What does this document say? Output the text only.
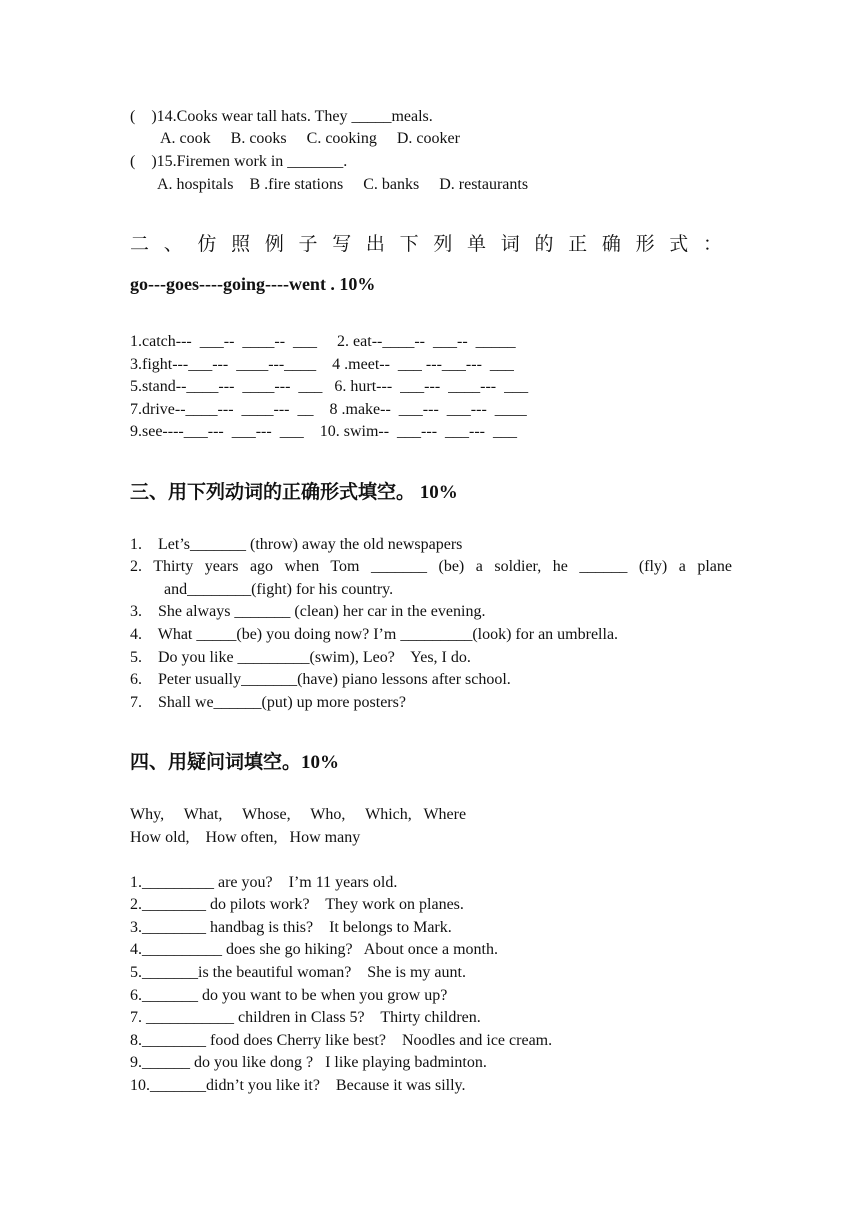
(    )14.Cooks wear tall hats. They _____meals.
A. cook     B. cooks     C. cooking     D. cooker
(    )15.Firemen work in _______.
A. hospitals    B .fire stations     C. banks     D. restaurants
二、仿照例子写出下列单词的正确形式：
go---goes----going----went . 10%
1.catch---  ___--  ____--  ___     2. eat--____--  ___--  _____
3.fight---___---  ____---____    4 .meet--  ___ ---___---  ___
5.stand--____---  ____---  ___   6. hurt---  ___---  ____---  ___
7.drive--____---  ____---  __    8 .make--  ___---  ___---  ____
9.see----___---  ___---  ___    10. swim--  ___---  ___---  ___
三、用下列动词的正确形式填空。 10%
1.    Let’s_______ (throw) away the old newspapers
2. Thirty years ago when Tom _______ (be) a soldier, he ______ (fly) a plane
and________(fight) for his country.
3.    She always _______ (clean) her car in the evening.
4.    What _____(be) you doing now? I’m _________(look) for an umbrella.
5.    Do you like _________(swim), Leo?    Yes, I do.
6.    Peter usually_______(have) piano lessons after school.
7.    Shall we______(put) up more posters?
四、用疑问词填空。10%
Why,     What,     Whose,     Who,     Which,   Where
How old,    How often,   How many
1._________ are you?    I’m 11 years old.
2.________ do pilots work?    They work on planes.
3.________ handbag is this?    It belongs to Mark.
4.__________ does she go hiking?   About once a month.
5._______is the beautiful woman?    She is my aunt.
6._______ do you want to be when you grow up?
7. ___________ children in Class 5?    Thirty children.
8.________ food does Cherry like best?    Noodles and ice cream.
9.______ do you like dong ?   I like playing badminton.
10._______didn’t you like it?    Because it was silly.
